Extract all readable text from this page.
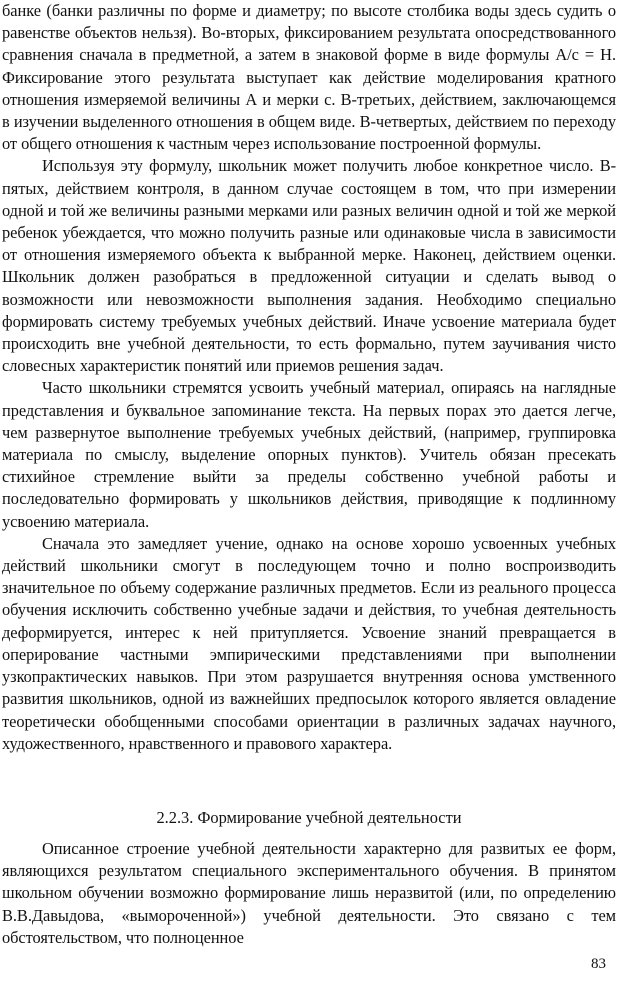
банке (банки различны по форме и диаметру; по высоте столбика воды здесь судить о равенстве объектов нельзя). Во-вторых, фиксированием результата опосредствованного сравнения сначала в предметной, а затем в знаковой форме в виде формулы А/с = Н. Фиксирование этого результата выступает как действие моделирования кратного отношения измеряемой величины А и мерки с. В-третьих, действием, заключающемся в изучении выделенного отношения в общем виде. В-четвертых, действием по переходу от общего отношения к частным через использование построенной формулы.

Используя эту формулу, школьник может получить любое конкретное число. В-пятых, действием контроля, в данном случае состоящем в том, что при измерении одной и той же величины разными мерками или разных величин одной и той же меркой ребенок убеждается, что можно получить разные или одинаковые числа в зависимости от отношения измеряемого объекта к выбранной мерке. Наконец, действием оценки. Школьник должен разобраться в предложенной ситуации и сделать вывод о возможности или невозможности выполнения задания. Необходимо специально формировать систему требуемых учебных действий. Иначе усвоение материала будет происходить вне учебной деятельности, то есть формально, путем заучивания чисто словесных характеристик понятий или приемов решения задач.

Часто школьники стремятся усвоить учебный материал, опираясь на наглядные представления и буквальное запоминание текста. На первых порах это дается легче, чем развернутое выполнение требуемых учебных действий, (например, группировка материала по смыслу, выделение опорных пунктов). Учитель обязан пресекать стихийное стремление выйти за пределы собственно учебной работы и последовательно формировать у школьников действия, приводящие к подлинному усвоению материала.

Сначала это замедляет учение, однако на основе хорошо усвоенных учебных действий школьники смогут в последующем точно и полно воспроизводить значительное по объему содержание различных предметов. Если из реального процесса обучения исключить собственно учебные задачи и действия, то учебная деятельность деформируется, интерес к ней притупляется. Усвоение знаний превращается в оперирование частными эмпирическими представлениями при выполнении узкопрактических навыков. При этом разрушается внутренняя основа умственного развития школьников, одной из важнейших предпосылок которого является овладение теоретически обобщенными способами ориентации в различных задачах научного, художественного, нравственного и правового характера.

2.2.3. Формирование учебной деятельности

Описанное строение учебной деятельности характерно для развитых ее форм, являющихся результатом специального экспериментального обучения. В принятом школьном обучении возможно формирование лишь неразвитой (или, по определению В.В.Давыдова, «вымороченной») учебной деятельности. Это связано с тем обстоятельством, что полноценное

83
